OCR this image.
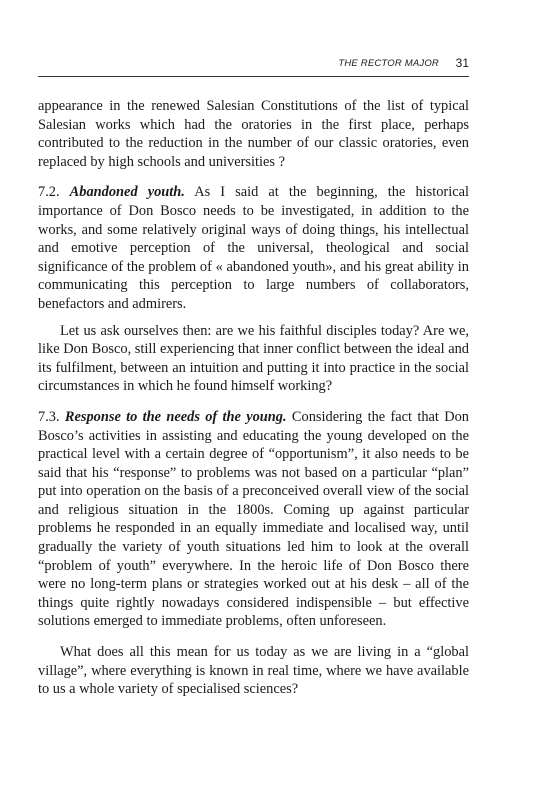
THE RECTOR MAJOR 31

appearance in the renewed Salesian Constitutions of the list of typical Salesian works which had the oratories in the first place, perhaps contributed to the reduction in the number of our classic oratories, even replaced by high schools and universities ?

7.2. Abandoned youth. As I said at the beginning, the historical importance of Don Bosco needs to be investigated, in addition to the works, and some relatively original ways of doing things, his intellectual and emotive perception of the universal, theological and social significance of the problem of « abandoned youth», and his great ability in communicating this perception to large numbers of collaborators, benefactors and admirers.

Let us ask ourselves then: are we his faithful disciples today? Are we, like Don Bosco, still experiencing that inner conflict between the ideal and its fulfilment, between an intuition and putting it into practice in the social circumstances in which he found himself working?

7.3. Response to the needs of the young. Considering the fact that Don Bosco’s activities in assisting and educating the young developed on the practical level with a certain degree of “opportunism”, it also needs to be said that his “response” to problems was not based on a particular “plan” put into operation on the basis of a preconceived overall view of the social and religious situation in the 1800s. Coming up against particular problems he responded in an equally immediate and localised way, until gradually the variety of youth situations led him to look at the overall “problem of youth” everywhere. In the heroic life of Don Bosco there were no long-term plans or strategies worked out at his desk – all of the things quite rightly nowadays considered indispensible – but effective solutions emerged to immediate problems, often unforeseen.

What does all this mean for us today as we are living in a “global village”, where everything is known in real time, where we have available to us a whole variety of specialised sciences?
